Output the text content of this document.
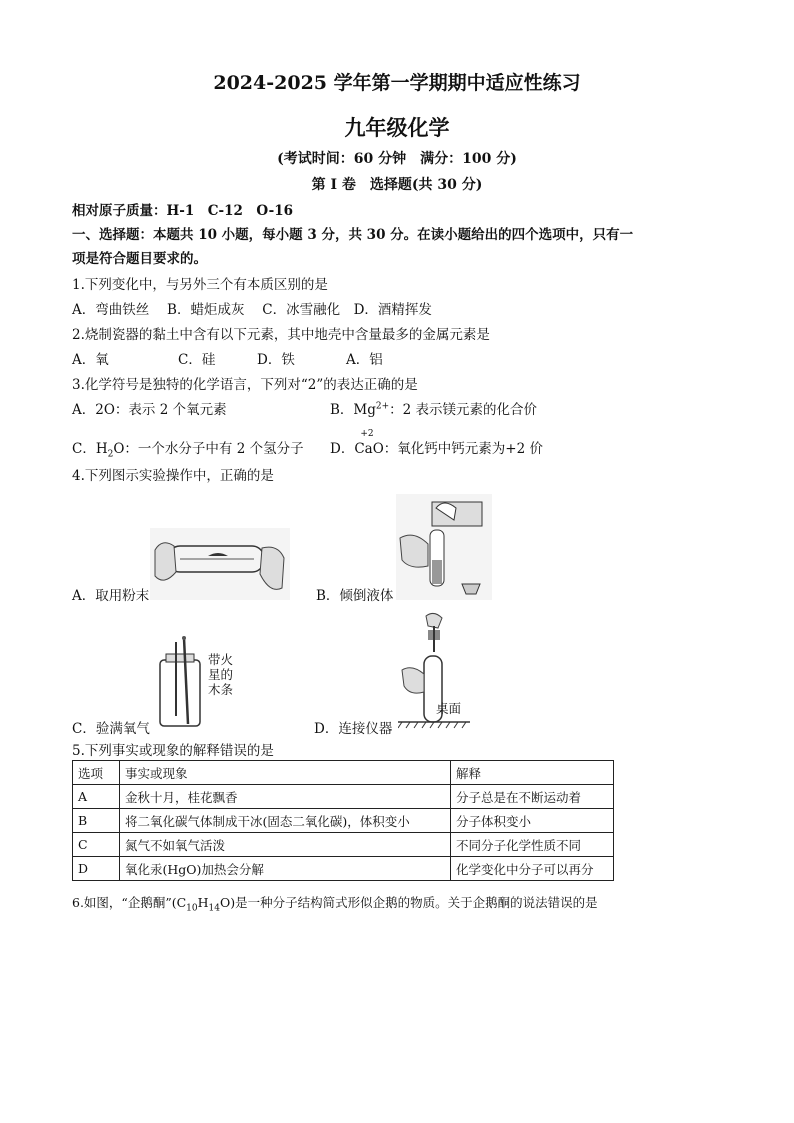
2024-2025 学年第一学期期中适应性练习
九年级化学
(考试时间：60 分钟　满分：100 分)
第 I 卷　选择题(共 30 分)
相对原子质量：H-1　C-12　O-16
一、选择题：本题共 10 小题，每小题 3 分，共 30 分。在读小题给出的四个选项中，只有一
项是符合题目要求的。
1.下列变化中，与另外三个有本质区别的是
A．弯曲铁丝　 B．蜡炬成灰　 C．冰雪融化　D．酒精挥发
2.烧制瓷器的黏土中含有以下元素，其中地壳中含量最多的金属元素是
A．氧	C．硅	D．铁	A．铝
3.化学符号是独特的化学语言，下列对“2”的表达正确的是
A．2O：表示 2 个氧元素	B．$Mg^{2+}$：2 表示镁元素的化合价
C．$H_2O$：一个水分子中有 2 个氢分子 D．
+2
CaO：氧化钙中钙元素为+2 价
4.下列图示实验操作中，正确的是
A．取用粉末	B．倾倒液体
带火
星的
木条
C．验满氧气
桌面
D．连接仪器
5.下列事实或现象的解释错误的是
选项	事实或现象	解释
A	金秋十月，桂花飘香	分子总是在不断运动着
B	将二氧化碳气体制成干冰(固态二氧化碳)，体积变小	分子体积变小
C	氮气不如氧气活泼	不同分子化学性质不同
D	氧化汞(HgO)加热会分解	化学变化中分子可以再分
6.如图，“企鹅酮$”(C_{10}H_{14}O)$是一种分子结构简式形似企鹅的物质。关于企鹅酮的说法错误的是
